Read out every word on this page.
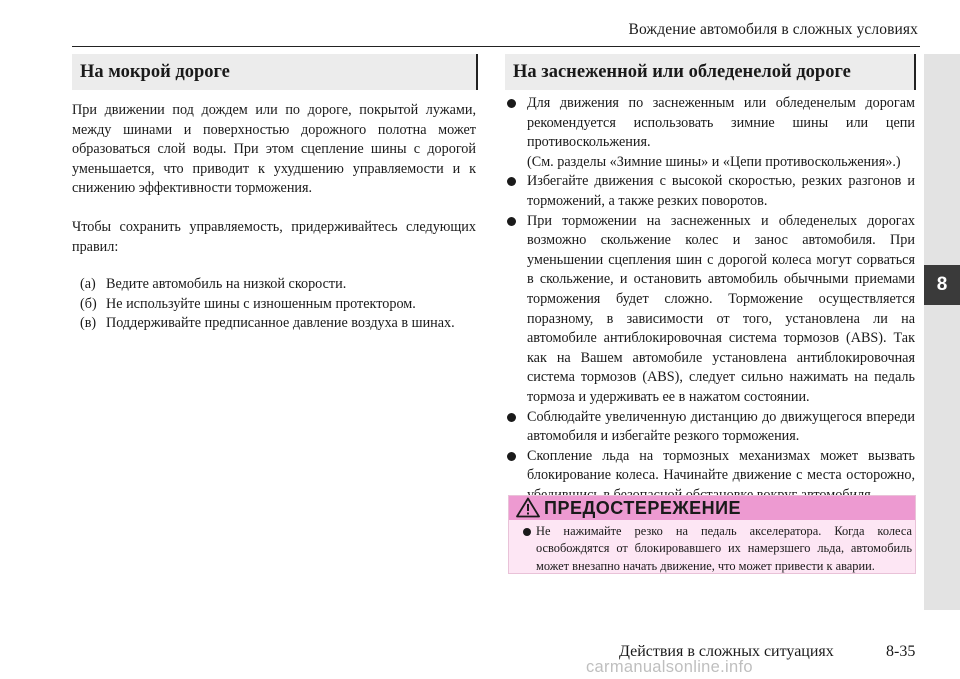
Вождение автомобиля в сложных условиях
8
На мокрой дороге
При движении под дождем или по дороге, покрытой лужами, между шинами и поверхностью дорожного полотна может образоваться слой воды. При этом сцепление шины с дорогой уменьшается, что приводит к ухудшению управляемости и к снижению эффективности торможения.
Чтобы сохранить управляемость, придерживайтесь следующих правил:
(а) Ведите автомобиль на низкой скорости.
(б) Не используйте шины с изношенным протектором.
(в) Поддерживайте предписанное давление воздуха в шинах.
На заснеженной или обледенелой дороге
Для движения по заснеженным или обледенелым дорогам рекомендуется использовать зимние шины или цепи противоскольжения.
(См. разделы «Зимние шины» и «Цепи противоскольжения».)
Избегайте движения с высокой скоростью, резких разгонов и торможений, а также резких поворотов.
При торможении на заснеженных и обледенелых дорогах возможно скольжение колес и занос автомобиля. При уменьшении сцепления шин с дорогой колеса могут сорваться в скольжение, и остановить автомобиль обычными приемами торможения будет сложно. Торможение осуществляется поразному, в зависимости от того, установлена ли на автомобиле антиблокировочная система тормозов (ABS). Так как на Вашем автомобиле установлена антиблокировочная система тормозов (ABS), следует сильно нажимать на педаль тормоза и удерживать ее в нажатом состоянии.
Соблюдайте увеличенную дистанцию до движущегося впереди автомобиля и избегайте резкого торможения.
Скопление льда на тормозных механизмах может вызвать блокирование колеса. Начинайте движение с места осторожно,
ПРЕДОСТЕРЕЖЕНИЕ
Не нажимайте резко на педаль акселератора. Когда колеса освобождятся от блокировавшего их намерзшего льда, автомобиль может внезапно начать движение, что может привести к аварии.
Действия в сложных ситуациях	8-35
carmanualsonline.info
